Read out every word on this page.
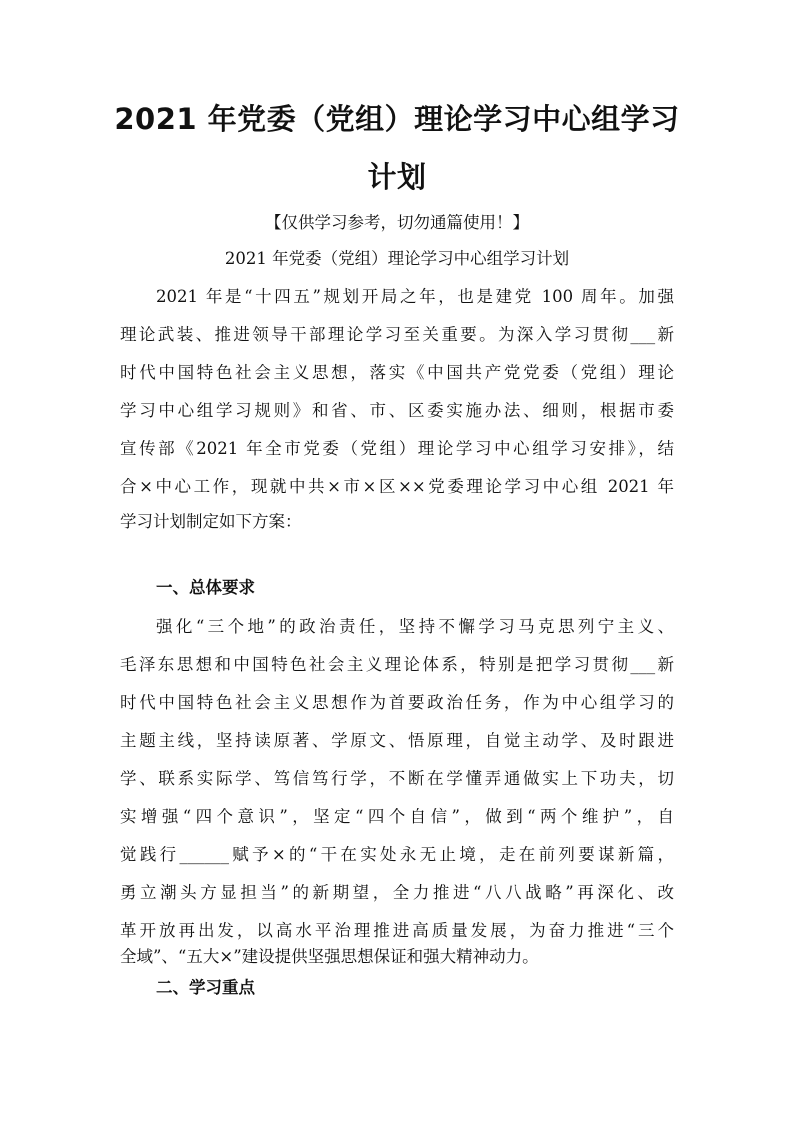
2021 年党委（党组）理论学习中心组学习
计划

【仅供学习参考，切勿通篇使用！】

2021 年党委（党组）理论学习中心组学习计划

2021 年是“十四五”规划开局之年，也是建党 100 周年。加强

理论武装、推进领导干部理论学习至关重要。为深入学习贯彻___新

时代中国特色社会主义思想，落实《中国共产党党委（党组）理论

学习中心组学习规则》和省、市、区委实施办法、细则，根据市委

宣传部《2021 年全市党委（党组）理论学习中心组学习安排》，结

合×中心工作，现就中共×市×区××党委理论学习中心组 2021 年

学习计划制定如下方案：

一、总体要求

强化“三个地”的政治责任，坚持不懈学习马克思列宁主义、

毛泽东思想和中国特色社会主义理论体系，特别是把学习贯彻___新

时代中国特色社会主义思想作为首要政治任务，作为中心组学习的

主题主线，坚持读原著、学原文、悟原理，自觉主动学、及时跟进

学、联系实际学、笃信笃行学，不断在学懂弄通做实上下功夫，切

实增强“四个意识”，坚定“四个自信”，做到“两个维护”，自

觉践行______赋予×的“干在实处永无止境，走在前列要谋新篇，

勇立潮头方显担当”的新期望，全力推进“八八战略”再深化、改

革开放再出发，以高水平治理推进高质量发展，为奋力推进“三个

全域”、“五大×”建设提供坚强思想保证和强大精神动力。

二、学习重点
